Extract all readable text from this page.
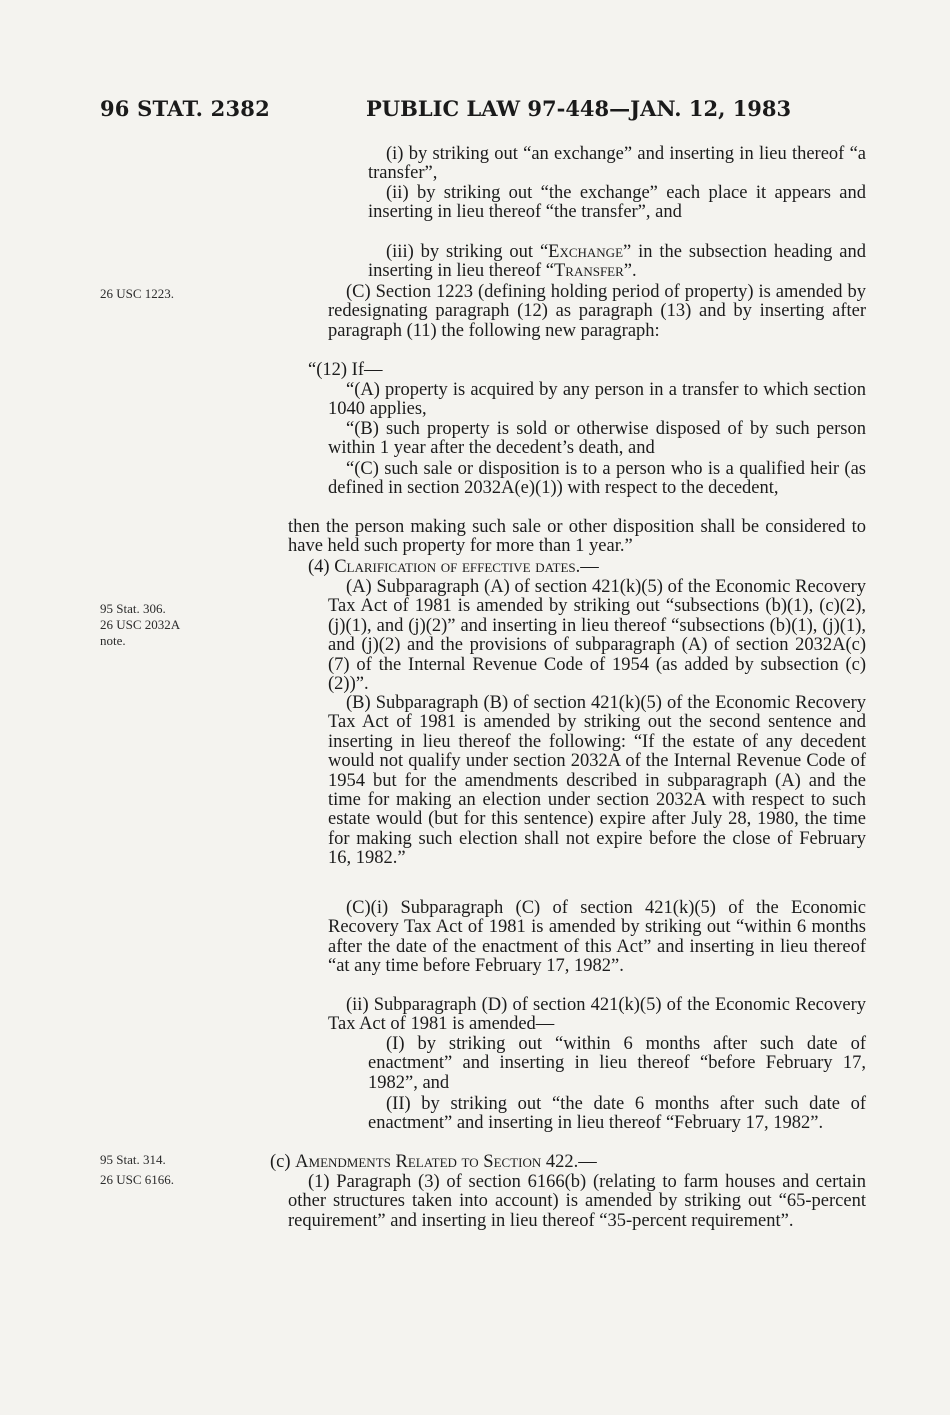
96 STAT. 2382	PUBLIC LAW 97-448—JAN. 12, 1983
26 USC 1223.
95 Stat. 306.
26 USC 2032A
note.
95 Stat. 314.
26 USC 6166.

(i) by striking out “an exchange” and inserting in lieu thereof “a transfer”,

(ii) by striking out “the exchange” each place it appears and inserting in lieu thereof “the transfer”, and

(iii) by striking out “Exchange” in the subsection heading and inserting in lieu thereof “Transfer”.

(C) Section 1223 (defining holding period of property) is amended by redesignating paragraph (12) as paragraph (13) and by inserting after paragraph (11) the following new paragraph:

“(12) If—

“(A) property is acquired by any person in a transfer to which section 1040 applies,

“(B) such property is sold or otherwise disposed of by such person within 1 year after the decedent’s death, and

“(C) such sale or disposition is to a person who is a qualified heir (as defined in section 2032A(e)(1)) with respect to the decedent,

then the person making such sale or other disposition shall be considered to have held such property for more than 1 year.”

(4) Clarification of effective dates.—

(A) Subparagraph (A) of section 421(k)(5) of the Economic Recovery Tax Act of 1981 is amended by striking out “subsections (b)(1), (c)(2), (j)(1), and (j)(2)” and inserting in lieu thereof “subsections (b)(1), (j)(1), and (j)(2) and the provisions of subparagraph (A) of section 2032A(c)(7) of the Internal Revenue Code of 1954 (as added by subsection (c)(2))”.

(B) Subparagraph (B) of section 421(k)(5) of the Economic Recovery Tax Act of 1981 is amended by striking out the second sentence and inserting in lieu thereof the following: “If the estate of any decedent would not qualify under section 2032A of the Internal Revenue Code of 1954 but for the amendments described in subparagraph (A) and the time for making an election under section 2032A with respect to such estate would (but for this sentence) expire after July 28, 1980, the time for making such election shall not expire before the close of February 16, 1982.”

(C)(i) Subparagraph (C) of section 421(k)(5) of the Economic Recovery Tax Act of 1981 is amended by striking out “within 6 months after the date of the enactment of this Act” and inserting in lieu thereof “at any time before February 17, 1982”.

(ii) Subparagraph (D) of section 421(k)(5) of the Economic Recovery Tax Act of 1981 is amended—

(I) by striking out “within 6 months after such date of enactment” and inserting in lieu thereof “before February 17, 1982”, and

(II) by striking out “the date 6 months after such date of enactment” and inserting in lieu thereof “February 17, 1982”.

(c) Amendments Related to Section 422.—

(1) Paragraph (3) of section 6166(b) (relating to farm houses and certain other structures taken into account) is amended by striking out “65-percent requirement” and inserting in lieu thereof “35-percent requirement”.
